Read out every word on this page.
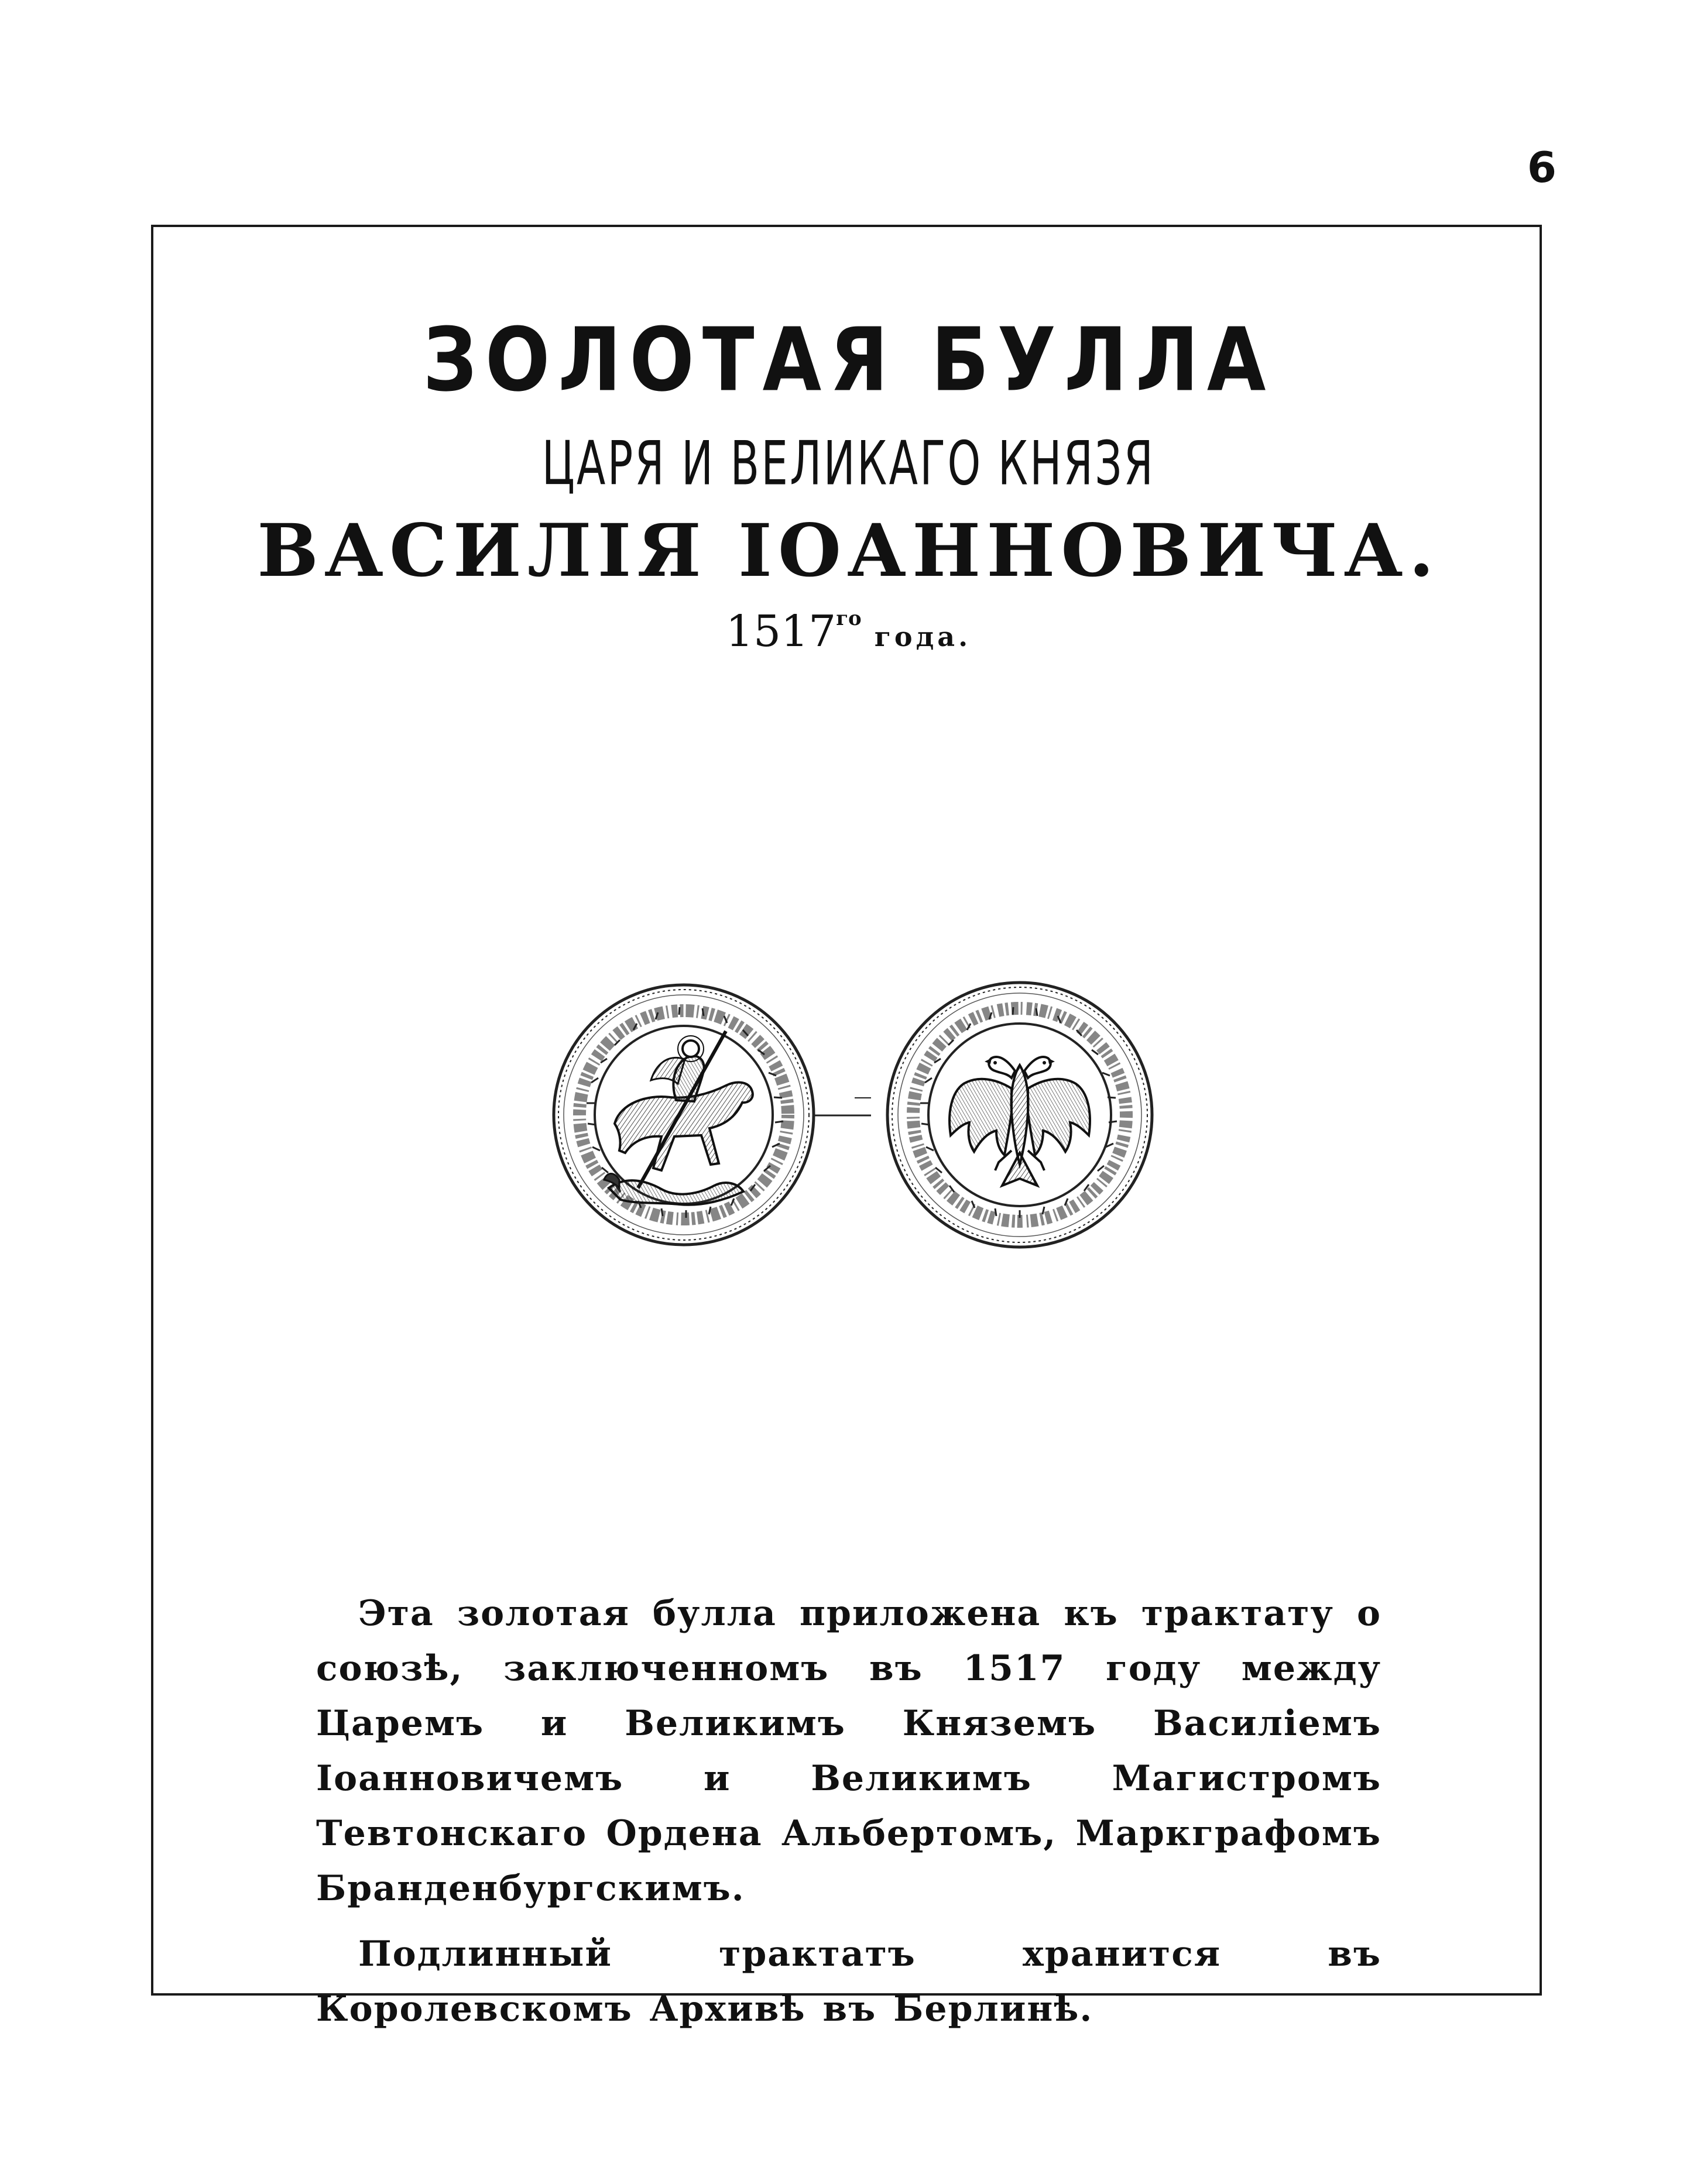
6
ЗОЛОТАЯ БУЛЛА
ЦАРЯ И ВЕЛИКАГО КНЯЗЯ
ВАСИЛІЯ ІОАННОВИЧА.
1517гогода.

Эта золотая булла приложена къ трактату о союзѣ, заключенномъ въ 1517 году между Царемъ и Великимъ Княземъ Василіемъ Іоанновичемъ и Великимъ Магистромъ Тевтонскаго Ордена Альбертомъ, Маркграфомъ Бранденбургскимъ.

Подлинный трактатъ хранится въ Королевскомъ Архивѣ въ Берлинѣ.
